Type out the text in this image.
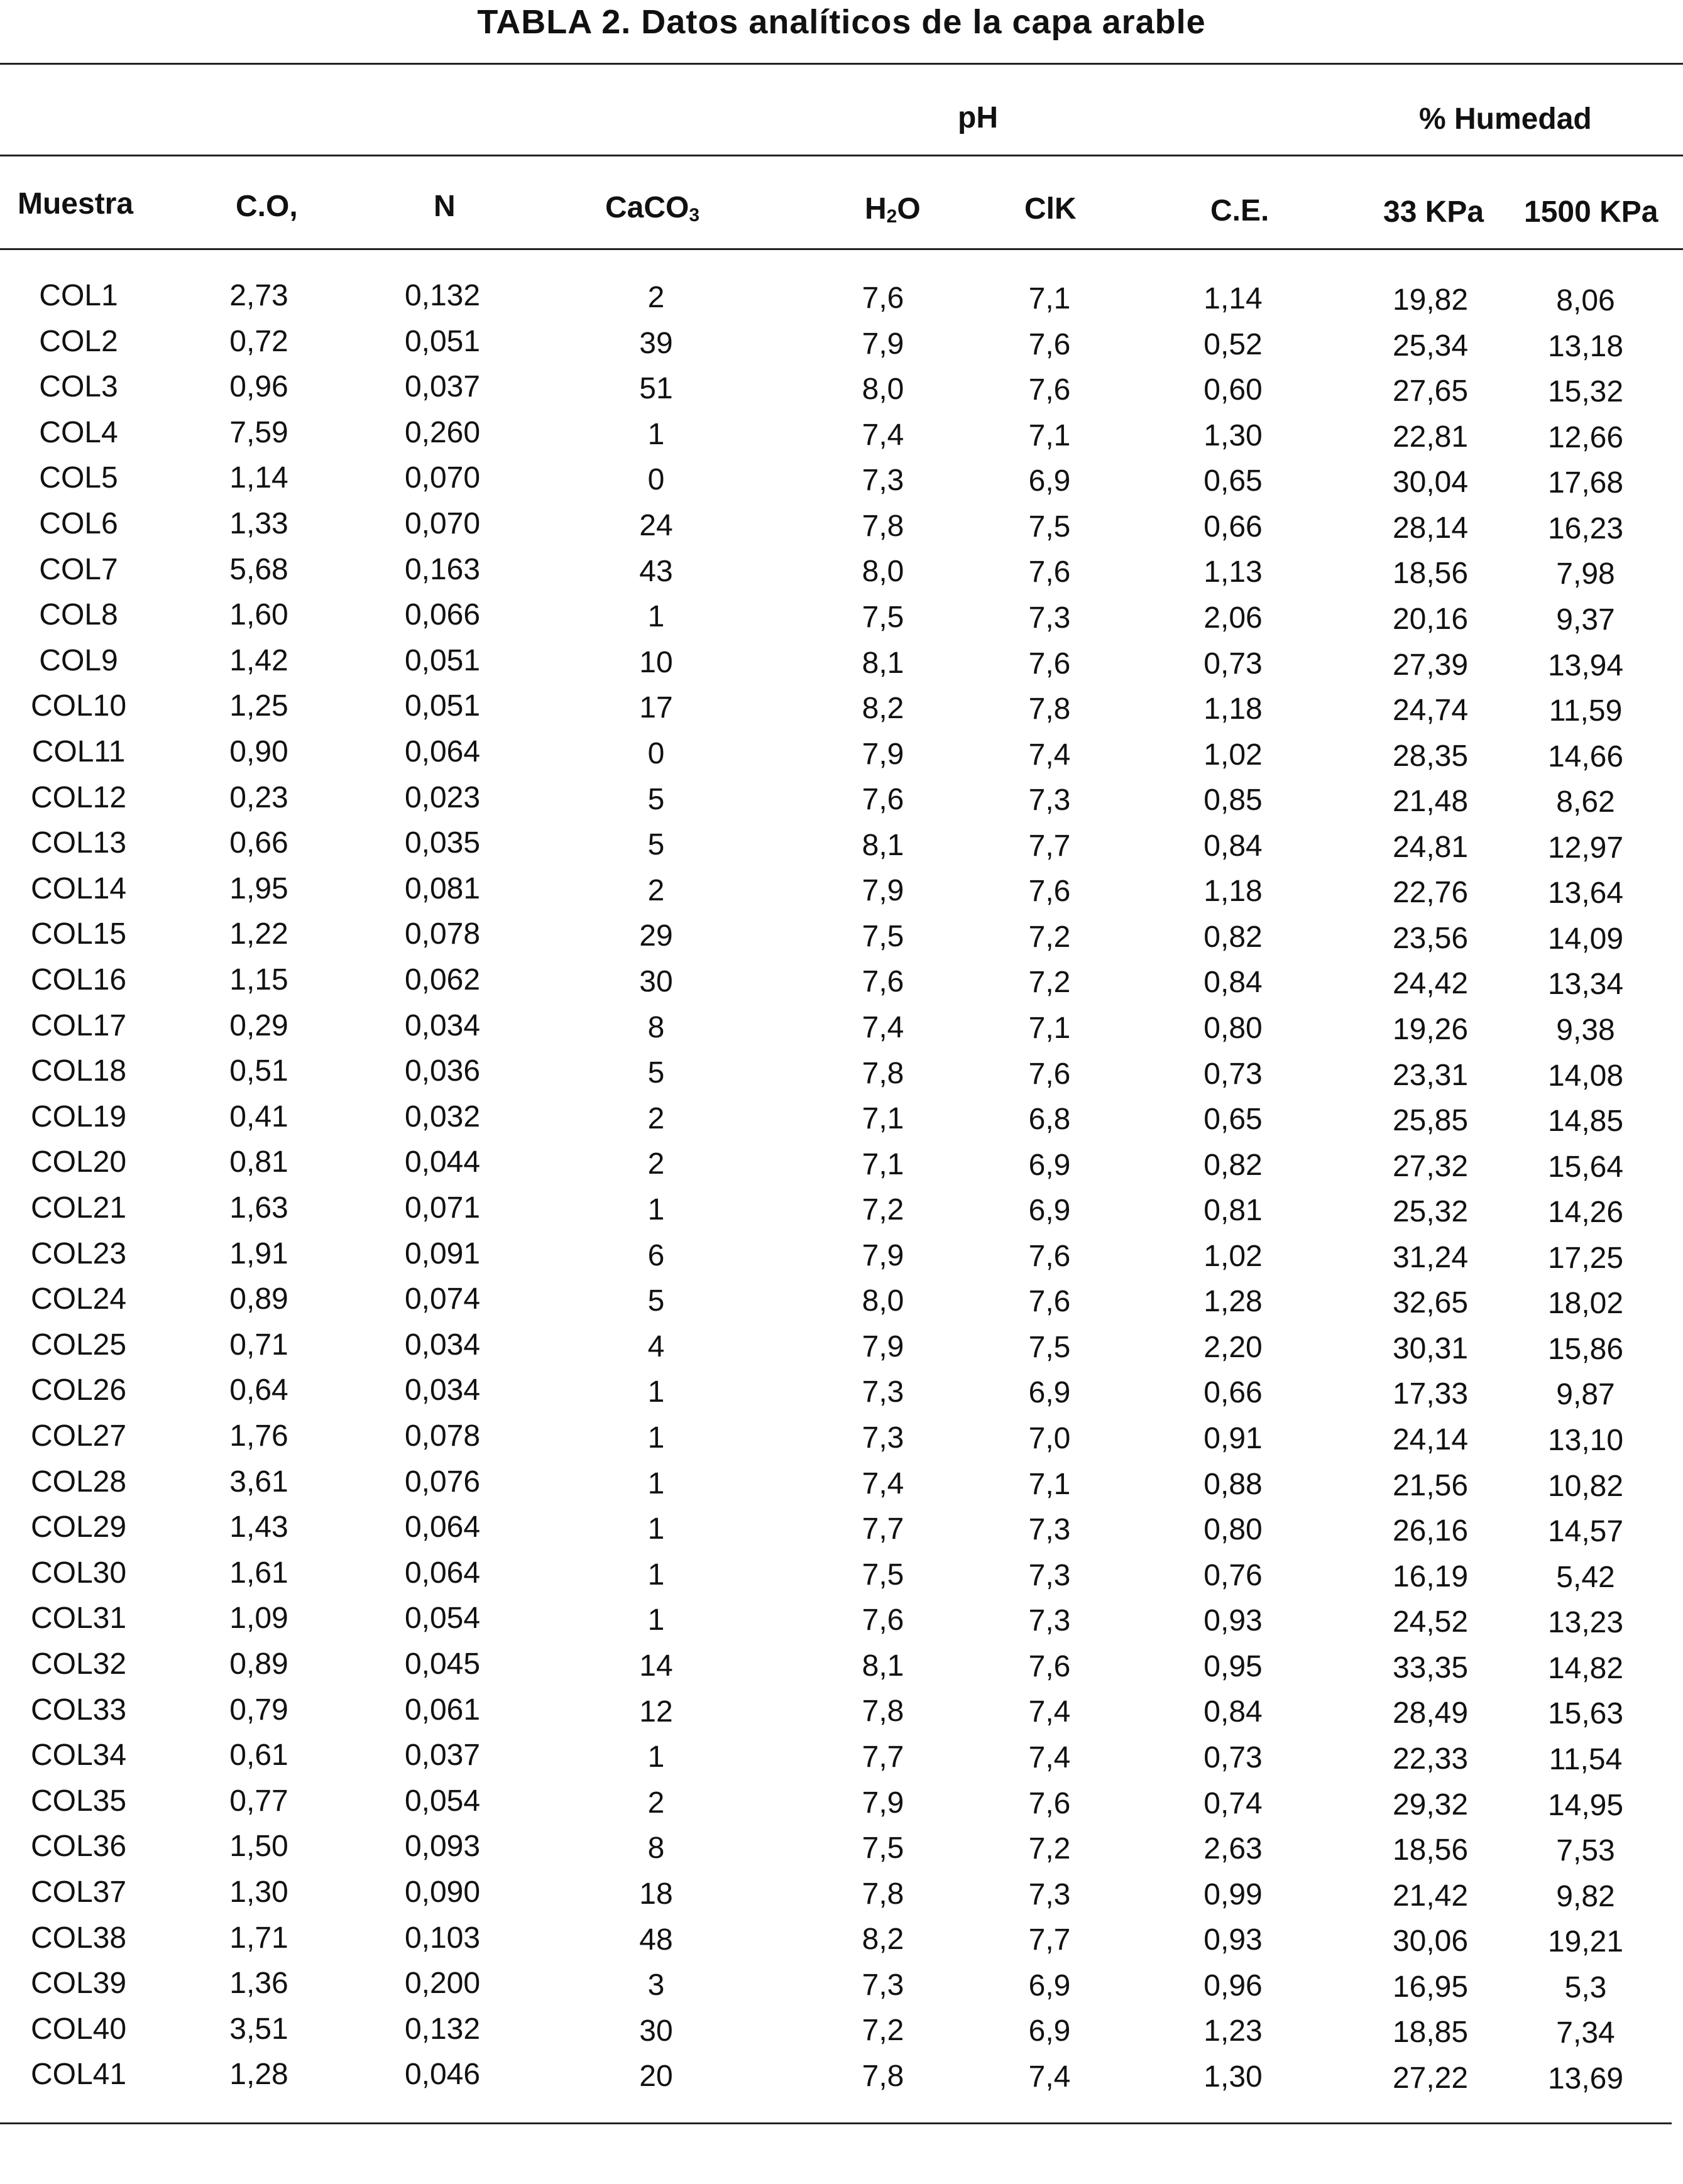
TABLA 2. Datos analíticos de la capa arable
pH	% Humedad
Muestra	C.O,	N	CaCO$_3$	$H_2O$	ClK	C.E.	33 KPa 1500 KPa
COL1	2,73	0,132	2	7,6	7,1	1,14	19,82	8,06
COL2	0,72	0,051	39	7,9	7,6	0,52	25,34	13,18
COL3	0,96	0,037	51	8,0	7,6	0,60	27,65	15,32
COL4	7,59	0,260	1	7,4	7,1	1,30	22,81	12,66
COL5	1,14	0,070	0	7,3	6,9	0,65	30,04	17,68
COL6	1,33	0,070	24	7,8	7,5	0,66	28,14	16,23
COL7	5,68	0,163	43	8,0	7,6	1,13	18,56	7,98
COL8	1,60	0,066	1	7,5	7,3	2,06	20,16	9,37
COL9	1,42	0,051	10	8,1	7,6	0,73	27,39	13,94
COL10	1,25	0,051	17	8,2	7,8	1,18	24,74	11,59
COL11	0,90	0,064	0	7,9	7,4	1,02	28,35	14,66
COL12	0,23	0,023	5	7,6	7,3	0,85	21,48	8,62
COL13	0,66	0,035	5	8,1	7,7	0,84	24,81	12,97
COL14	1,95	0,081	2	7,9	7,6	1,18	22,76	13,64
COL15	1,22	0,078	29	7,5	7,2	0,82	23,56	14,09
COL16	1,15	0,062	30	7,6	7,2	0,84	24,42	13,34
COL17	0,29	0,034	8	7,4	7,1	0,80	19,26	9,38
COL18	0,51	0,036	5	7,8	7,6	0,73	23,31	14,08
COL19	0,41	0,032	2	7,1	6,8	0,65	25,85	14,85
COL20	0,81	0,044	2	7,1	6,9	0,82	27,32	15,64
COL21	1,63	0,071	1	7,2	6,9	0,81	25,32	14,26
COL23	1,91	0,091	6	7,9	7,6	1,02	31,24	17,25
COL24	0,89	0,074	5	8,0	7,6	1,28	32,65	18,02
COL25	0,71	0,034	4	7,9	7,5	2,20	30,31	15,86
COL26	0,64	0,034	1	7,3	6,9	0,66	17,33	9,87
COL27	1,76	0,078	1	7,3	7,0	0,91	24,14	13,10
COL28	3,61	0,076	1	7,4	7,1	0,88	21,56	10,82
COL29	1,43	0,064	1	7,7	7,3	0,80	26,16	14,57
COL30	1,61	0,064	1	7,5	7,3	0,76	16,19	5,42
COL31	1,09	0,054	1	7,6	7,3	0,93	24,52	13,23
COL32	0,89	0,045	14	8,1	7,6	0,95	33,35	14,82
COL33	0,79	0,061	12	7,8	7,4	0,84	28,49	15,63
COL34	0,61	0,037	1	7,7	7,4	0,73	22,33	11,54
COL35	0,77	0,054	2	7,9	7,6	0,74	29,32	14,95
COL36	1,50	0,093	8	7,5	7,2	2,63	18,56	7,53
COL37	1,30	0,090	18	7,8	7,3	0,99	21,42	9,82
COL38	1,71	0,103	48	8,2	7,7	0,93	30,06	19,21
COL39	1,36	0,200	3	7,3	6,9	0,96	16,95	5,3
COL40	3,51	0,132	30	7,2	6,9	1,23	18,85	7,34
COL41	1,28	0,046	20	7,8	7,4	1,30	27,22	13,69
